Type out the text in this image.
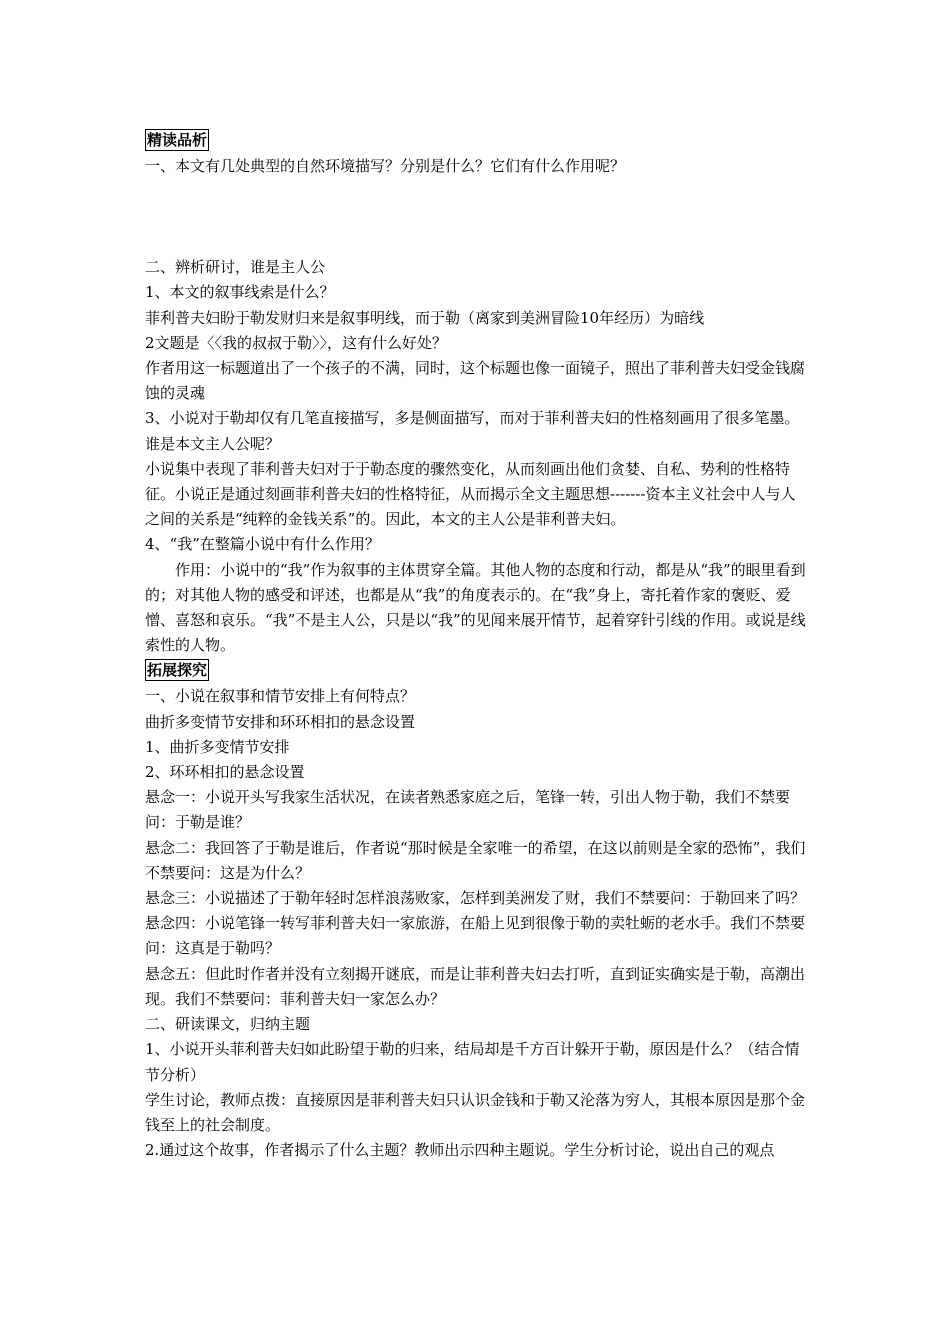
精读品析
一、本文有几处典型的自然环境描写？分别是什么？它们有什么作用呢？
二、辨析研讨，谁是主人公
1、本文的叙事线索是什么？
菲利普夫妇盼于勒发财归来是叙事明线，而于勒（离家到美洲冒险10年经历）为暗线
2文题是〈〈我的叔叔于勒〉〉，这有什么好处？
作者用这一标题道出了一个孩子的不满，同时，这个标题也像一面镜子，照出了菲利普夫妇受金钱腐蚀的灵魂
3、小说对于勒却仅有几笔直接描写，多是侧面描写，而对于菲利普夫妇的性格刻画用了很多笔墨。谁是本文主人公呢？
小说集中表现了菲利普夫妇对于于勒态度的骤然变化，从而刻画出他们贪婪、自私、势利的性格特征。小说正是通过刻画菲利普夫妇的性格特征，从而揭示全文主题思想-------资本主义社会中人与人之间的关系是“纯粹的金钱关系”的。因此，本文的主人公是菲利普夫妇。
4、“我”在整篇小说中有什么作用？
作用：小说中的“我”作为叙事的主体贯穿全篇。其他人物的态度和行动，都是从“我”的眼里看到的；对其他人物的感受和评述，也都是从“我”的角度表示的。在“我”身上，寄托着作家的褒贬、爱憎、喜怒和哀乐。“我”不是主人公，只是以“我”的见闻来展开情节，起着穿针引线的作用。或说是线索性的人物。
拓展探究
一、小说在叙事和情节安排上有何特点？
曲折多变情节安排和环环相扣的悬念设置
1、曲折多变情节安排
2、环环相扣的悬念设置
悬念一：小说开头写我家生活状况，在读者熟悉家庭之后，笔锋一转，引出人物于勒，我们不禁要问：于勒是谁？
悬念二：我回答了于勒是谁后，作者说“那时候是全家唯一的希望，在这以前则是全家的恐怖”，我们不禁要问：这是为什么？
悬念三：小说描述了于勒年轻时怎样浪荡败家，怎样到美洲发了财，我们不禁要问：于勒回来了吗？
悬念四：小说笔锋一转写菲利普夫妇一家旅游，在船上见到很像于勒的卖牡蛎的老水手。我们不禁要问：这真是于勒吗？
悬念五：但此时作者并没有立刻揭开谜底，而是让菲利普夫妇去打听，直到证实确实是于勒，高潮出现。我们不禁要问：菲利普夫妇一家怎么办？
二、研读课文，归纳主题
1、小说开头菲利普夫妇如此盼望于勒的归来，结局却是千方百计躲开于勒，原因是什么？（结合情节分析）
学生讨论，教师点拨：直接原因是菲利普夫妇只认识金钱和于勒又沦落为穷人，其根本原因是那个金钱至上的社会制度。
2.通过这个故事，作者揭示了什么主题？教师出示四种主题说。学生分析讨论，说出自己的观点
